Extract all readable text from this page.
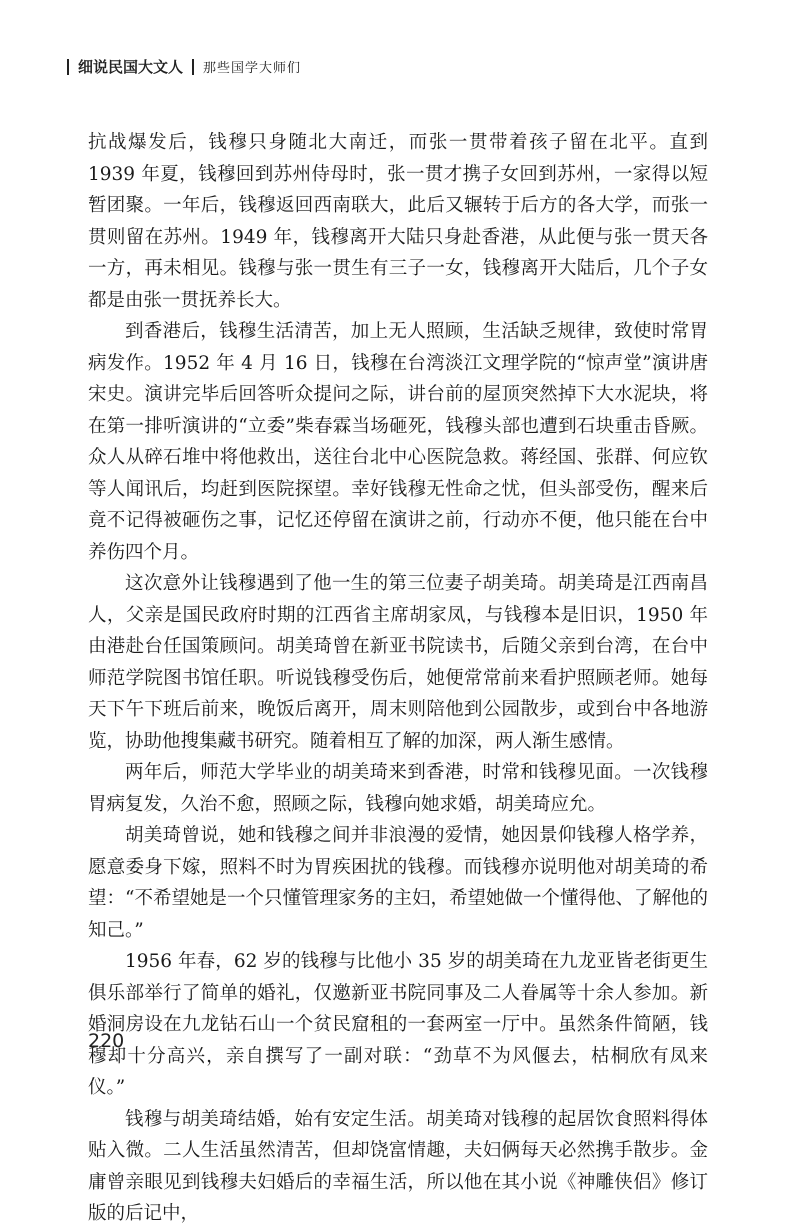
细说民国大文人 那些国学大师们

抗战爆发后，钱穆只身随北大南迁，而张一贯带着孩子留在北平。直到 1939 年夏，钱穆回到苏州侍母时，张一贯才携子女回到苏州，一家得以短暂团聚。一年后，钱穆返回西南联大，此后又辗转于后方的各大学，而张一贯则留在苏州。1949 年，钱穆离开大陆只身赴香港，从此便与张一贯天各一方，再未相见。钱穆与张一贯生有三子一女，钱穆离开大陆后，几个子女都是由张一贯抚养长大。

到香港后，钱穆生活清苦，加上无人照顾，生活缺乏规律，致使时常胃病发作。1952 年 4 月 16 日，钱穆在台湾淡江文理学院的“惊声堂”演讲唐宋史。演讲完毕后回答听众提问之际，讲台前的屋顶突然掉下大水泥块，将在第一排听演讲的“立委”柴春霖当场砸死，钱穆头部也遭到石块重击昏厥。众人从碎石堆中将他救出，送往台北中心医院急救。蒋经国、张群、何应钦等人闻讯后，均赶到医院探望。幸好钱穆无性命之忧，但头部受伤，醒来后竟不记得被砸伤之事，记忆还停留在演讲之前，行动亦不便，他只能在台中养伤四个月。

这次意外让钱穆遇到了他一生的第三位妻子胡美琦。胡美琦是江西南昌人，父亲是国民政府时期的江西省主席胡家凤，与钱穆本是旧识，1950 年由港赴台任国策顾问。胡美琦曾在新亚书院读书，后随父亲到台湾，在台中师范学院图书馆任职。听说钱穆受伤后，她便常常前来看护照顾老师。她每天下午下班后前来，晚饭后离开，周末则陪他到公园散步，或到台中各地游览，协助他搜集藏书研究。随着相互了解的加深，两人渐生感情。

两年后，师范大学毕业的胡美琦来到香港，时常和钱穆见面。一次钱穆胃病复发，久治不愈，照顾之际，钱穆向她求婚，胡美琦应允。

胡美琦曾说，她和钱穆之间并非浪漫的爱情，她因景仰钱穆人格学养，愿意委身下嫁，照料不时为胃疾困扰的钱穆。而钱穆亦说明他对胡美琦的希望：“不希望她是一个只懂管理家务的主妇，希望她做一个懂得他、了解他的知己。”

1956 年春，62 岁的钱穆与比他小 35 岁的胡美琦在九龙亚皆老街更生俱乐部举行了简单的婚礼，仅邀新亚书院同事及二人眷属等十余人参加。新婚洞房设在九龙钻石山一个贫民窟租的一套两室一厅中。虽然条件简陋，钱穆却十分高兴，亲自撰写了一副对联：“劲草不为风偃去，枯桐欣有凤来仪。”

钱穆与胡美琦结婚，始有安定生活。胡美琦对钱穆的起居饮食照料得体贴入微。二人生活虽然清苦，但却饶富情趣，夫妇俩每天必然携手散步。金庸曾亲眼见到钱穆夫妇婚后的幸福生活，所以他在其小说《神雕侠侣》修订版的后记中，

220
